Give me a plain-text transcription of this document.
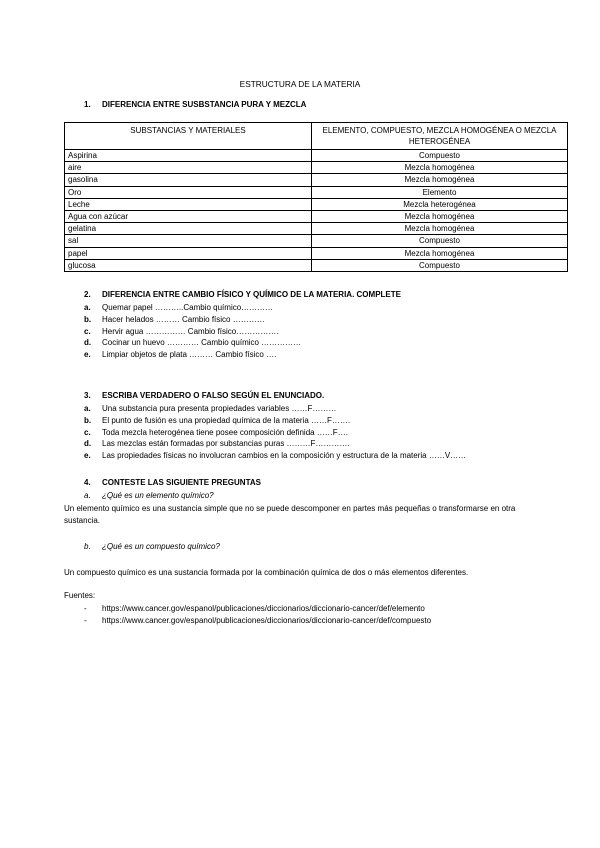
ESTRUCTURA DE LA MATERIA
1. DIFERENCIA ENTRE SUSBSTANCIA PURA Y MEZCLA
SUBSTANCIAS Y MATERIALES	ELEMENTO, COMPUESTO, MEZCLA HOMOGÉNEA O MEZCLA HETEROGÉNEA
Aspirina	Compuesto
aire	Mezcla homogénea
gasolina	Mezcla homogénea
Oro	Elemento
Leche	Mezcla heterogénea
Agua con azúcar	Mezcla homogénea
gelatina	Mezcla homogénea
sal	Compuesto
papel	Mezcla homogénea
glucosa	Compuesto
2. DIFERENCIA ENTRE CAMBIO FÍSICO Y QUÍMICO DE LA MATERIA. COMPLETE
a. Quemar papel ………..Cambio químico…………
b. Hacer helados ……… Cambio físico …………
c. Hervir agua …………… Cambio físico…………….
d. Cocinar un huevo ………… Cambio químico ……………
e. Limpiar objetos de plata ……… Cambio físico ….
3. ESCRIBA VERDADERO O FALSO SEGÚN EL ENUNCIADO.
a. Una substancia pura presenta propiedades variables ……F………
b. El punto de fusión es una propiedad química de la materia ……F…….
c. Toda mezcla heterogénea tiene posee composición definida ……F….
d. Las mezclas están formadas por substancias puras ………F………….
e. Las propiedades físicas no involucran cambios en la composición y estructura de la materia ……V……
4. CONTESTE LAS SIGUIENTE PREGUNTAS
a. ¿Qué es un elemento químico?
Un elemento químico es una sustancia simple que no se puede descomponer en partes más pequeñas o transformarse en otra sustancia.
b. ¿Qué es un compuesto químico?
Un compuesto químico es una sustancia formada por la combinación química de dos o más elementos diferentes.
Fuentes:
- https://www.cancer.gov/espanol/publicaciones/diccionarios/diccionario-cancer/def/elemento
- https://www.cancer.gov/espanol/publicaciones/diccionarios/diccionario-cancer/def/compuesto
